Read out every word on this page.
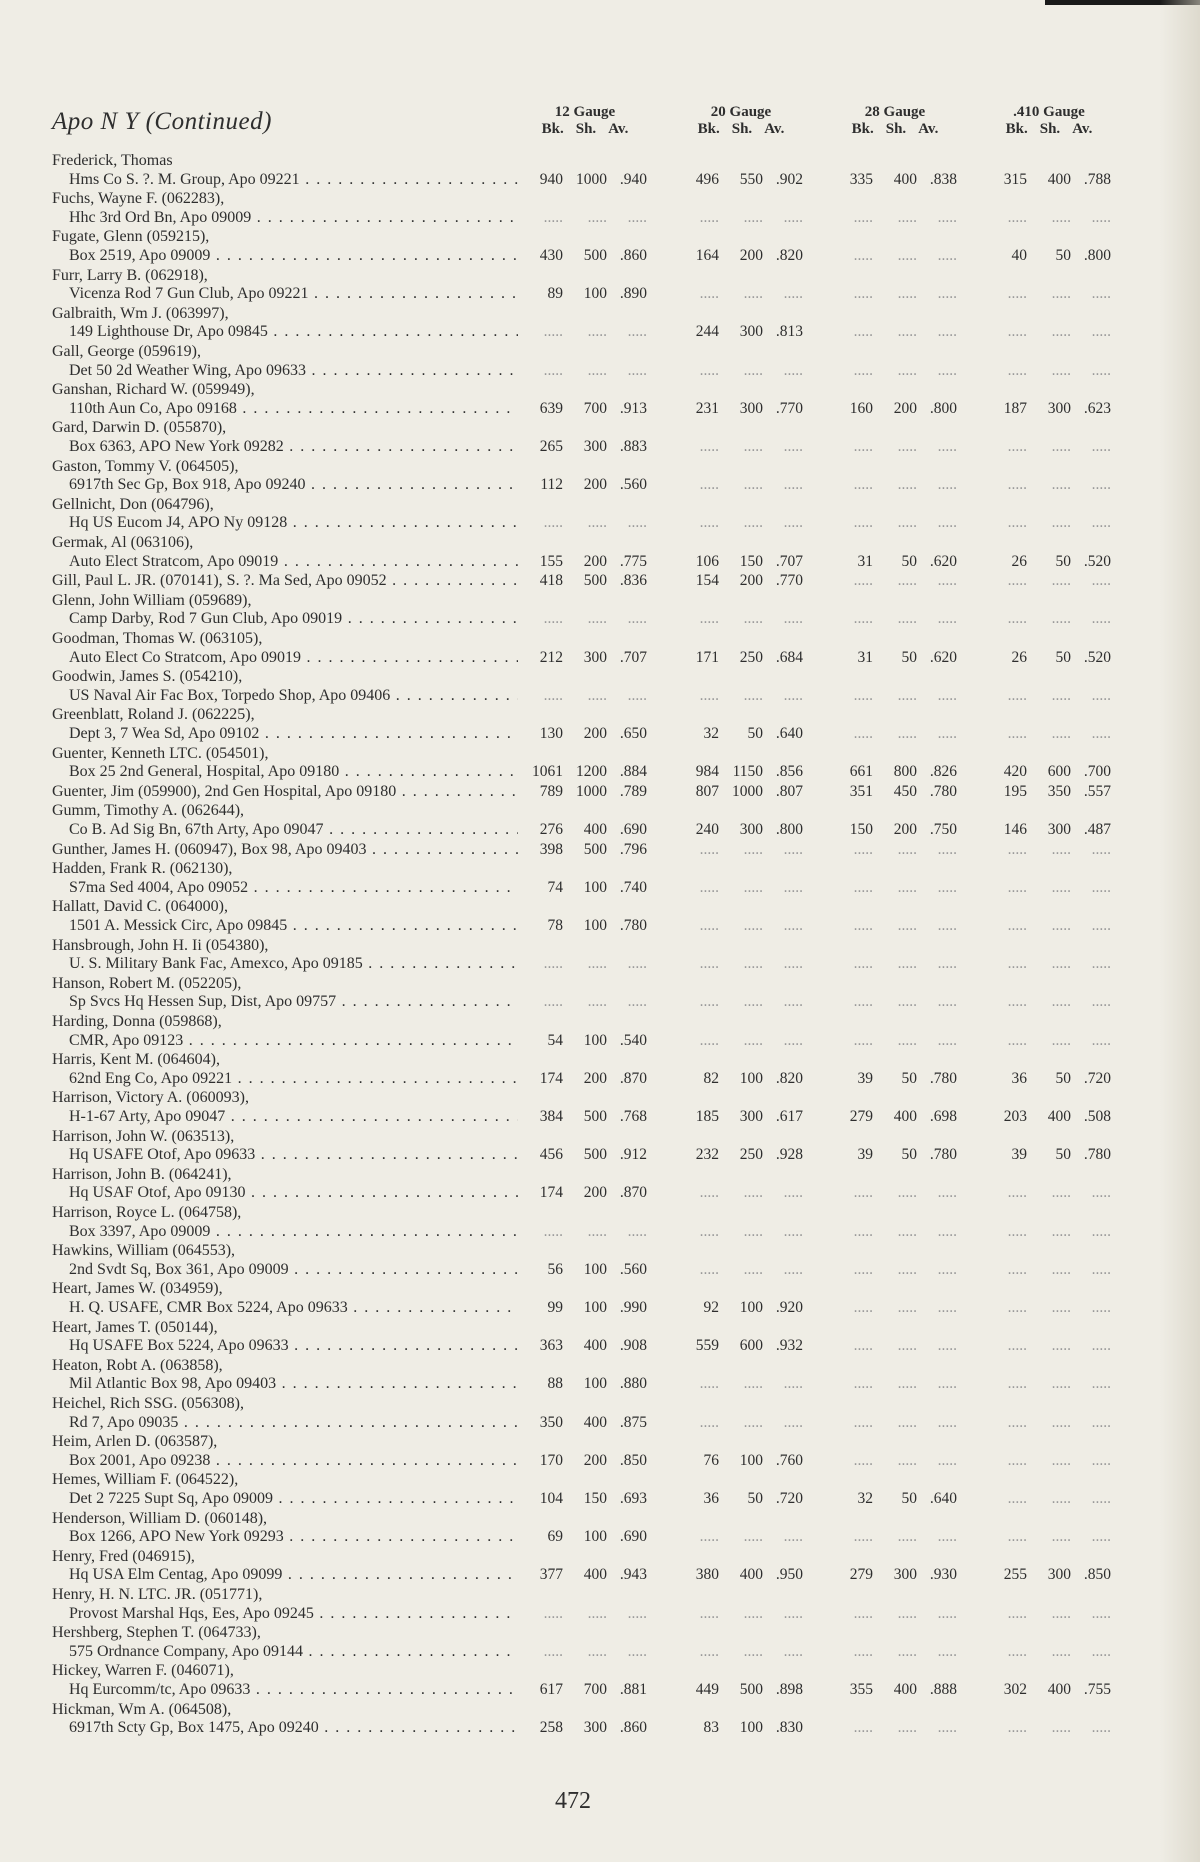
Apo N Y (Continued)	12 Gauge
Bk. Sh. Av.
20 Gauge
Bk. Sh. Av.
28 Gauge
Bk. Sh. Av.
.410 Gauge
Bk. Sh. Av.
Frederick, Thomas
Hms Co S. ?. M. Group, Apo 09221 . . .	940 1000 .940	496	550 .902	335	400 .838	315	400 .788
Fuchs, Wayne F. (062283),
Hhc 3rd Ord Bn, Apo 09009 . . .	.....	.....	.....	.....	.....	.....	.....	.....	.....	.....	.....	.....
Fugate, Glenn (059215),
Box 2519, Apo 09009 . . .	430	500 .860	164	200 .820	.....	.....	.....	40	50 .800
Furr, Larry B. (062918),
Vicenza Rod 7 Gun Club, Apo 09221 . . .	89	100 .890	.....	.....	.....	.....	.....	.....	.....	.....	.....
Galbraith, Wm J. (063997),
149 Lighthouse Dr, Apo 09845 . . .	.....	.....	.....	244	300 .813	.....	.....	.....	.....	.....	.....
Gall, George (059619),
Det 50 2d Weather Wing, Apo 09633 . . .	.....	.....	.....	.....	.....	.....	.....	.....	.....	.....	.....	.....
Ganshan, Richard W. (059949),
110th Aun Co, Apo 09168 . . .	639	700 .913	231	300 .770	160	200 .800	187	300 .623
Gard, Darwin D. (055870),
Box 6363, APO New York 09282 . . .	265	300 .883	.....	.....	.....	.....	.....	.....	.....	.....	.....
Gaston, Tommy V. (064505),
6917th Sec Gp, Box 918, Apo 09240 . . .	112	200 .560	.....	.....	.....	.....	.....	.....	.....	.....	.....
Gellnicht, Don (064796),
Hq US Eucom J4, APO Ny 09128 . . .	.....	.....	.....	.....	.....	.....	.....	.....	.....	.....	.....	.....
Germak, Al (063106),
Auto Elect Stratcom, Apo 09019 . . .	155	200 .775	106	150 .707	31	50 .620	26	50 .520
Gill, Paul L. JR. (070141), S. ?. Ma Sed, Apo 09052 . . .	418	500 .836	154	200 .770	.....	.....	.....	.....	.....	.....
Glenn, John William (059689),
Camp Darby, Rod 7 Gun Club, Apo 09019 . . .	.....	.....	.....	.....	.....	.....	.....	.....	.....	.....	.....	.....
Goodman, Thomas W. (063105),
Auto Elect Co Stratcom, Apo 09019 . . .	212	300 .707	171	250 .684	31	50 .620	26	50 .520
Goodwin, James S. (054210),
US Naval Air Fac Box, Torpedo Shop, Apo 09406 . . .	.....	.....	.....	.....	.....	.....	.....	.....	.....	.....	.....	.....
Greenblatt, Roland J. (062225),
Dept 3, 7 Wea Sd, Apo 09102 . . .	130	200 .650	32	50 .640	.....	.....	.....	.....	.....	.....
Guenter, Kenneth LTC. (054501),
Box 25 2nd General, Hospital, Apo 09180 . . .	1061 1200 .884	984 1150 .856	661	800 .826	420	600 .700
Guenter, Jim (059900), 2nd Gen Hospital, Apo 09180 . . .	789 1000 .789	807 1000 .807	351	450 .780	195	350 .557
Gumm, Timothy A. (062644),
Co B. Ad Sig Bn, 67th Arty, Apo 09047 . . .	276	400 .690	240	300 .800	150	200 .750	146	300 .487
Gunther, James H. (060947), Box 98, Apo 09403 . . .	398	500 .796	.....	.....	.....	.....	.....	.....	.....	.....	.....
Hadden, Frank R. (062130),
S7ma Sed 4004, Apo 09052 . . .	74	100 .740	.....	.....	.....	.....	.....	.....	.....	.....	.....
Hallatt, David C. (064000),
1501 A. Messick Circ, Apo 09845 . . .	78	100 .780	.....	.....	.....	.....	.....	.....	.....	.....	.....
Hansbrough, John H. Ii (054380),
U. S. Military Bank Fac, Amexco, Apo 09185 . . .	.....	.....	.....	.....	.....	.....	.....	.....	.....	.....	.....	.....
Hanson, Robert M. (052205),
Sp Svcs Hq Hessen Sup, Dist, Apo 09757 . . .	.....	.....	.....	.....	.....	.....	.....	.....	.....	.....	.....	.....
Harding, Donna (059868),
CMR, Apo 09123 . . .	54	100 .540	.....	.....	.....	.....	.....	.....	.....	.....	.....
Harris, Kent M. (064604),
62nd Eng Co, Apo 09221 . . .	174	200 .870	82	100 .820	39	50 .780	36	50 .720
Harrison, Victory A. (060093),
H-1-67 Arty, Apo 09047 . . .	384	500 .768	185	300 .617	279	400 .698	203	400 .508
Harrison, John W. (063513),
Hq USAFE Otof, Apo 09633 . . .	456	500 .912	232	250 .928	39	50 .780	39	50 .780
Harrison, John B. (064241),
Hq USAF Otof, Apo 09130 . . .	174	200 .870	.....	.....	.....	.....	.....	.....	.....	.....	.....
Harrison, Royce L. (064758),
Box 3397, Apo 09009 . . .	.....	.....	.....	.....	.....	.....	.....	.....	.....	.....	.....	.....
Hawkins, William (064553),
2nd Svdt Sq, Box 361, Apo 09009 . . .	56	100 .560	.....	.....	.....	.....	.....	.....	.....	.....	.....
Heart, James W. (034959),
H. Q. USAFE, CMR Box 5224, Apo 09633 . . .	99	100 .990	92	100 .920	.....	.....	.....	.....	.....	.....
Heart, James T. (050144),
Hq USAFE Box 5224, Apo 09633 . . .	363	400 .908	559	600 .932	.....	.....	.....	.....	.....	.....
Heaton, Robt A. (063858),
Mil Atlantic Box 98, Apo 09403 . . .	88	100 .880	.....	.....	.....	.....	.....	.....	.....	.....	.....
Heichel, Rich SSG. (056308),
Rd 7, Apo 09035 . . .	350	400 .875	.....	.....	.....	.....	.....	.....	.....	.....	.....
Heim, Arlen D. (063587),
Box 2001, Apo 09238 . . .	170	200 .850	76	100 .760	.....	.....	.....	.....	.....	.....
Hemes, William F. (064522),
Det 2 7225 Supt Sq, Apo 09009 . . .	104	150 .693	36	50 .720	32	50 .640	.....	.....	.....
Henderson, William D. (060148),
Box 1266, APO New York 09293 . . .	69	100 .690	.....	.....	.....	.....	.....	.....	.....	.....	.....
Henry, Fred (046915),
Hq USA Elm Centag, Apo 09099 . . .	377	400 .943	380	400 .950	279	300 .930	255	300 .850
Henry, H. N. LTC. JR. (051771),
Provost Marshal Hqs, Ees, Apo 09245 . . .	.....	.....	.....	.....	.....	.....	.....	.....	.....	.....	.....	.....
Hershberg, Stephen T. (064733),
575 Ordnance Company, Apo 09144 . . .	.....	.....	.....	.....	.....	.....	.....	.....	.....	.....	.....	.....
Hickey, Warren F. (046071),
Hq Eurcomm/tc, Apo 09633 . . .	617	700 .881	449	500 .898	355	400 .888	302	400 .755
Hickman, Wm A. (064508),
6917th Scty Gp, Box 1475, Apo 09240 . . .	258	300 .860	83	100 .830	.....	.....	.....	.....	.....	.....
472
